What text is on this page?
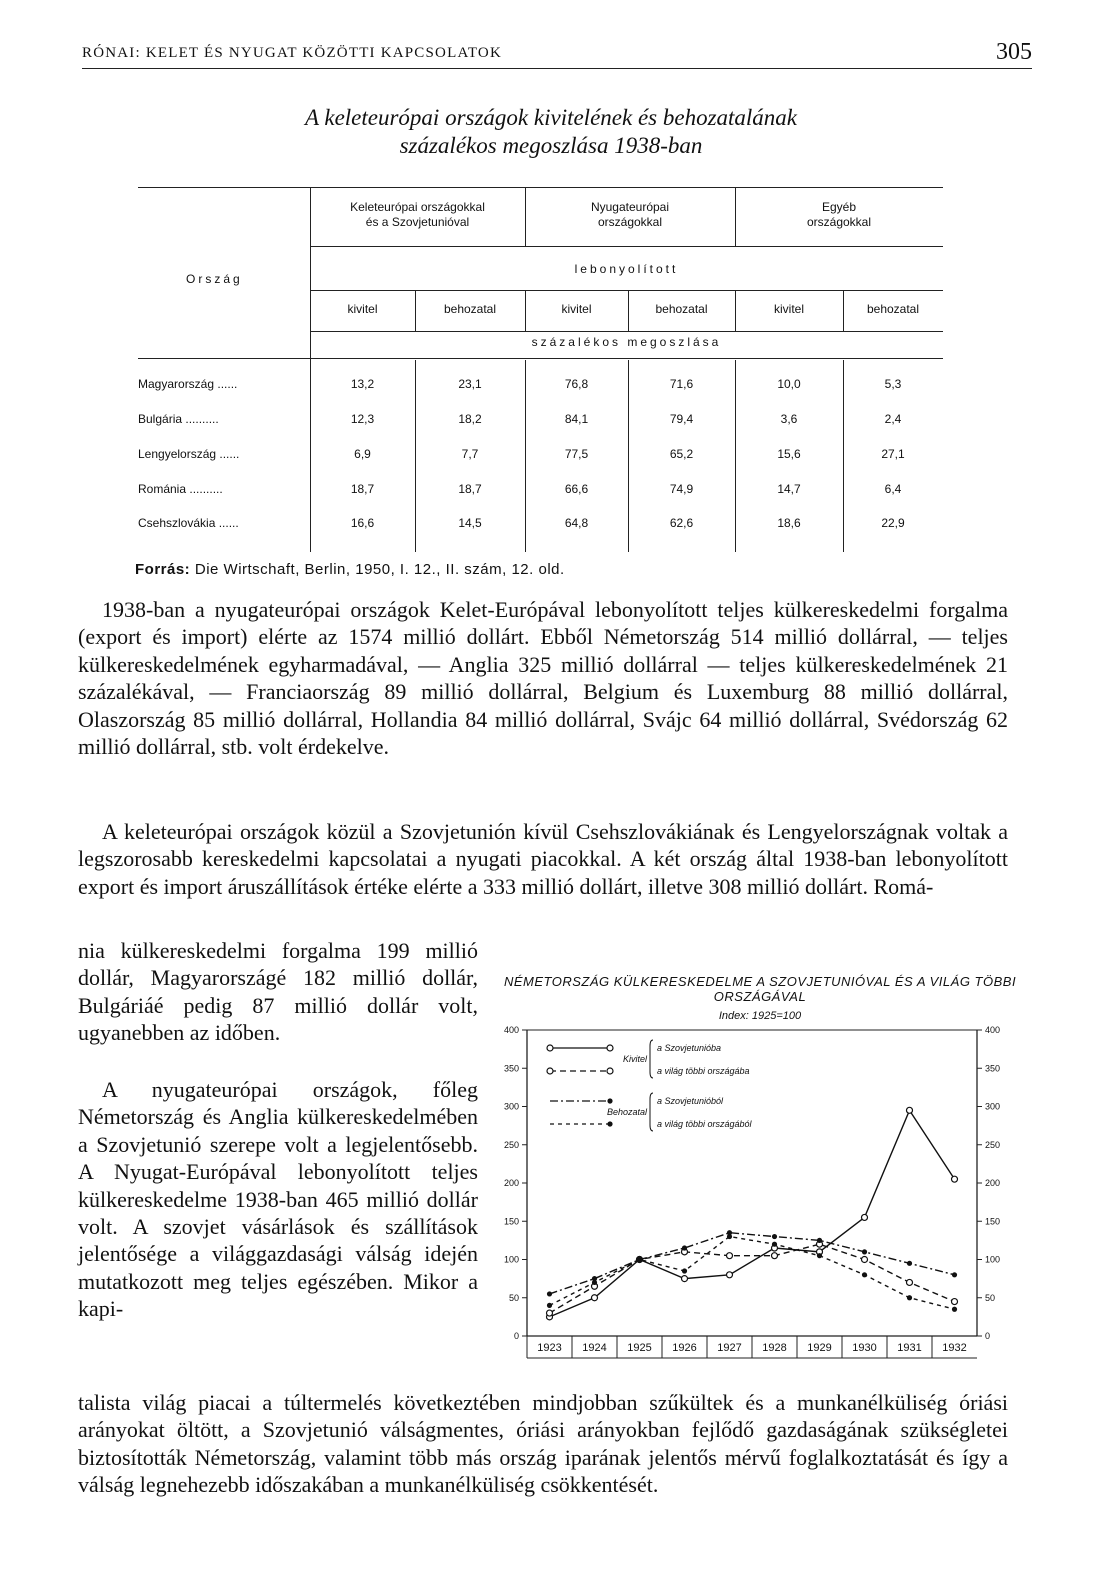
RÓNAI: KELET ÉS NYUGAT KÖZÖTTI KAPCSOLATOK	305
A keleteurópai országok kivitelének és behozatalának
százalékos megoszlása 1938-ban
Ország
Keleteurópai országokkal
és a Szovjetunióval
Nyugateurópai
országokkal
Egyéb
országokkal
lebonyolított
kivitel	behozatal	kivitel	behozatal	kivitel	behozatal
százalékos megoszlása
Magyarország ......	13,2	23,1	76,8	71,6	10,0	5,3
Bulgária ..........	12,3	18,2	84,1	79,4	3,6	2,4
Lengyelország ......	6,9	7,7	77,5	65,2	15,6	27,1
Románia ..........	18,7	18,7	66,6	74,9	14,7	6,4
Csehszlovákia ......	16,6	14,5	64,8	62,6	18,6	22,9
Forrás: Die Wirtschaft, Berlin, 1950, I. 12., II. szám, 12. old.

1938-ban a nyugateurópai országok Kelet-Európával lebonyolított teljes külkereskedelmi forgalma (export és import) elérte az 1574 millió dollárt. Ebből Németország 514 millió dollárral, — teljes külkereskedelmének egyharmadával, — Anglia 325 millió dollárral — teljes külkereskedelmének 21 százalékával, — Franciaország 89 millió dollárral, Belgium és Luxemburg 88 millió dollárral, Olaszország 85 millió dollárral, Hollandia 84 millió dollárral, Svájc 64 millió dollárral, Svédország 62 millió dollárral, stb. volt érdekelve.

A keleteurópai országok közül a Szovjetunión kívül Csehszlovákiának és Lengyelországnak voltak a legszorosabb kereskedelmi kapcsolatai a nyugati piacokkal. A két ország által 1938-ban lebonyolított export és import áruszállítások értéke elérte a 333 millió dollárt, illetve 308 millió dollárt. Romá-

nia külkereskedelmi forgalma 199 millió dollár, Magyarországé 182 millió dollár, Bulgáriáé pedig 87 millió dollár volt, ugyanebben az időben.

A nyugateurópai országok, főleg Németország és Anglia külkereskedelmében a Szovjetunió szerepe volt a legjelentősebb. A Nyugat-Európával lebonyolított teljes külkereskedelme 1938-ban 465 millió dollár volt. A szovjet vásárlások és szállítások jelentősége a világgazdasági válság idején mutatkozott meg teljes egészében. Mikor a kapi-

talista világ piacai a túltermelés következtében mindjobban szűkültek és a munkanélküliség óriási arányokat öltött, a Szovjetunió válságmentes, óriási arányokban fejlődő gazdaságának szükségletei biztosították Németország, valamint több más ország iparának jelentős mérvű foglalkoztatását és így a válság legnehezebb időszakában a munkanélküliség csökkentését.

NÉMETORSZÁG KÜLKERESKEDELME A SZOVJETUNIÓVAL ÉS A VILÁG TÖBBI ORSZÁGÁVAL
Index: 1925=100
0	0
50	50
100	100
150	150
200	200
250	250
300	300
350	350
400	400
1923 1924 1925 1926 1927 1928 1929 1930 1931 1932
a Szovjetunióba
a világ többi országába
a Szovjetunióból
a világ többi országából
Kivitel
Behozatal
